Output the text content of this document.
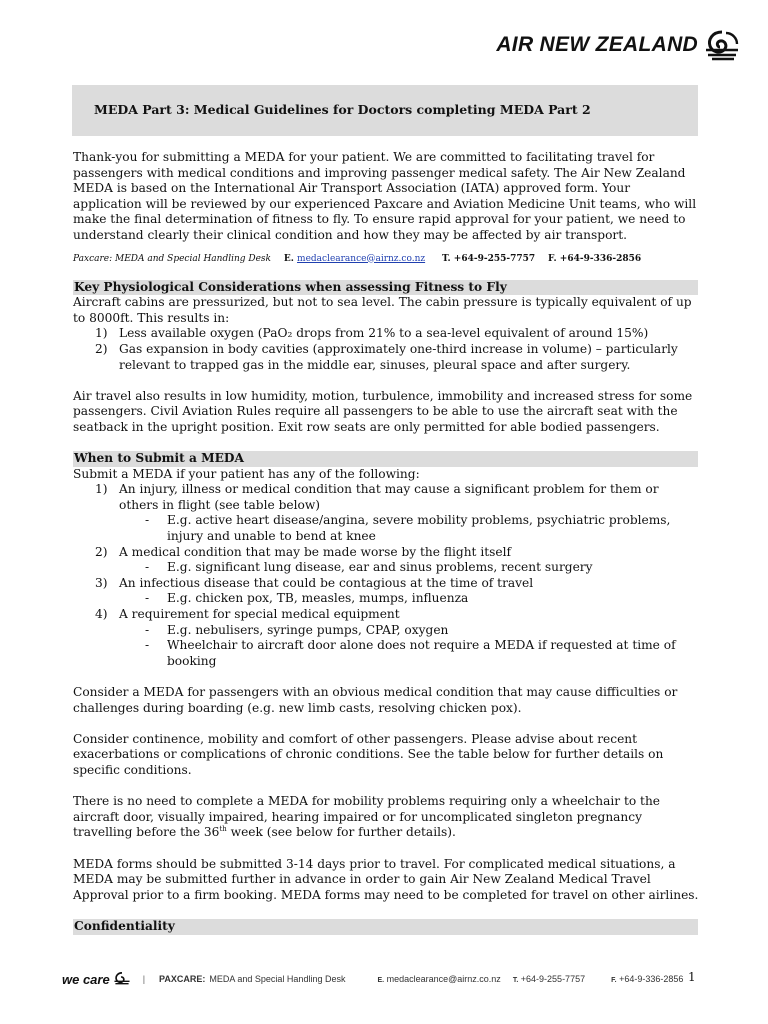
AIR NEW ZEALAND
MEDA Part 3: Medical Guidelines for Doctors completing MEDA Part 2

Thank-you for submitting a MEDA for your patient. We are committed to facilitating travel for passengers with medical conditions and improving passenger medical safety. The Air New Zealand MEDA is based on the International Air Transport Association (IATA) approved form. Your application will be reviewed by our experienced Paxcare and Aviation Medicine Unit teams, who will make the final determination of fitness to fly. To ensure rapid approval for your patient, we need to understand clearly their clinical condition and how they may be affected by air transport.

Paxcare: MEDA and Special Handling Desk E. medaclearance@airnz.co.nz T. +64-9-255-7757 F. +64-9-336-2856

Key Physiological Considerations when assessing Fitness to Fly
Aircraft cabins are pressurized, but not to sea level. The cabin pressure is typically equivalent of up to 8000ft. This results in:
1) Less available oxygen (PaO₂ drops from 21% to a sea-level equivalent of around 15%)
2) Gas expansion in body cavities (approximately one-third increase in volume) – particularly relevant to trapped gas in the middle ear, sinuses, pleural space and after surgery.

Air travel also results in low humidity, motion, turbulence, immobility and increased stress for some passengers. Civil Aviation Rules require all passengers to be able to use the aircraft seat with the seatback in the upright position. Exit row seats are only permitted for able bodied passengers.

When to Submit a MEDA
Submit a MEDA if your patient has any of the following:
1) An injury, illness or medical condition that may cause a significant problem for them or others in flight (see table below)
- E.g. active heart disease/angina, severe mobility problems, psychiatric problems, injury and unable to bend at knee
2) A medical condition that may be made worse by the flight itself
- E.g. significant lung disease, ear and sinus problems, recent surgery
3) An infectious disease that could be contagious at the time of travel
- E.g. chicken pox, TB, measles, mumps, influenza
4) A requirement for special medical equipment
- E.g. nebulisers, syringe pumps, CPAP, oxygen
- Wheelchair to aircraft door alone does not require a MEDA if requested at time of booking

Consider a MEDA for passengers with an obvious medical condition that may cause difficulties or challenges during boarding (e.g. new limb casts, resolving chicken pox).

Consider continence, mobility and comfort of other passengers. Please advise about recent exacerbations or complications of chronic conditions. See the table below for further details on specific conditions.

There is no need to complete a MEDA for mobility problems requiring only a wheelchair to the aircraft door, visually impaired, hearing impaired or for uncomplicated singleton pregnancy travelling before the 36th week (see below for further details).

MEDA forms should be submitted 3-14 days prior to travel. For complicated medical situations, a MEDA may be submitted further in advance in order to gain Air New Zealand Medical Travel Approval prior to a firm booking. MEDA forms may need to be completed for travel on other airlines.

Confidentiality
we care	| PAXCARE: MEDA and Special Handling Desk	E. medaclearance@airnz.co.nz T. +64-9-255-7757	F. +64-9-336-2856 1
